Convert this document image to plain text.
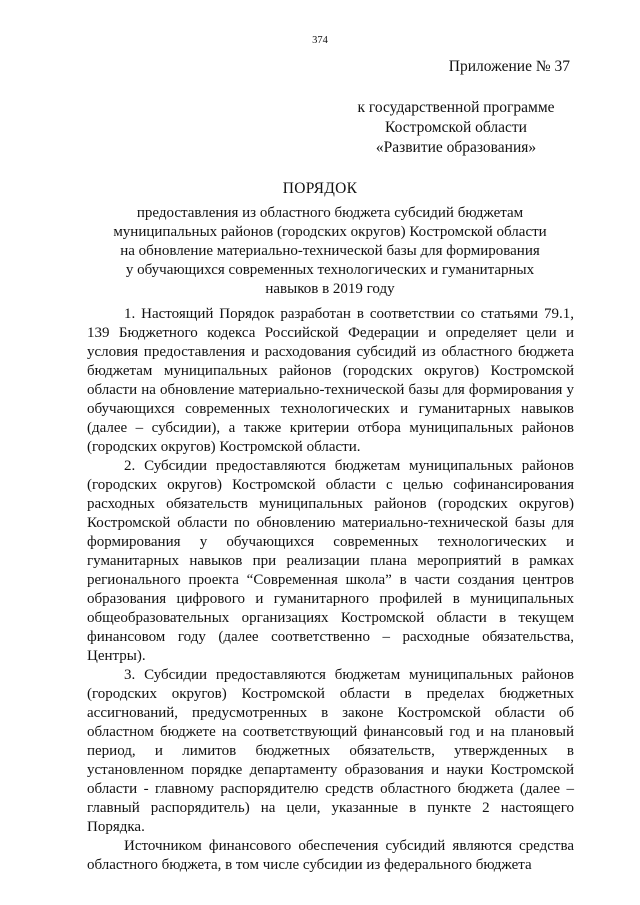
374
Приложение № 37
к государственной программе
Костромской области
«Развитие образования»
ПОРЯДОК
предоставления из областного бюджета субсидий бюджетам
муниципальных районов (городских округов) Костромской области
на обновление материально-технической базы для формирования
у обучающихся современных технологических и гуманитарных
навыков в 2019 году

1. Настоящий Порядок разработан в соответствии со статьями 79.1, 139 Бюджетного кодекса Российской Федерации и определяет цели и условия предоставления и расходования субсидий из областного бюджета бюджетам муниципальных районов (городских округов) Костромской области на обновление материально-технической базы для формирования у обучающихся современных технологических и гуманитарных навыков (далее – субсидии), а также критерии отбора муниципальных районов (городских округов) Костромской области.

2. Субсидии предоставляются бюджетам муниципальных районов (городских округов) Костромской области с целью софинансирования расходных обязательств муниципальных районов (городских округов) Костромской области по обновлению материально-технической базы для формирования у обучающихся современных технологических и гуманитарных навыков при реализации плана мероприятий в рамках регионального проекта “Современная школа” в части создания центров образования цифрового и гуманитарного профилей в муниципальных общеобразовательных организациях Костромской области в текущем финансовом году (далее соответственно – расходные обязательства, Центры).

3. Субсидии предоставляются бюджетам муниципальных районов (городских округов) Костромской области в пределах бюджетных ассигнований, предусмотренных в законе Костромской области об областном бюджете на соответствующий финансовый год и на плановый период, и лимитов бюджетных обязательств, утвержденных в установленном порядке департаменту образования и науки Костромской области - главному распорядителю средств областного бюджета (далее – главный распорядитель) на цели, указанные в пункте 2 настоящего Порядка.

Источником финансового обеспечения субсидий являются средства областного бюджета, в том числе субсидии из федерального бюджета
